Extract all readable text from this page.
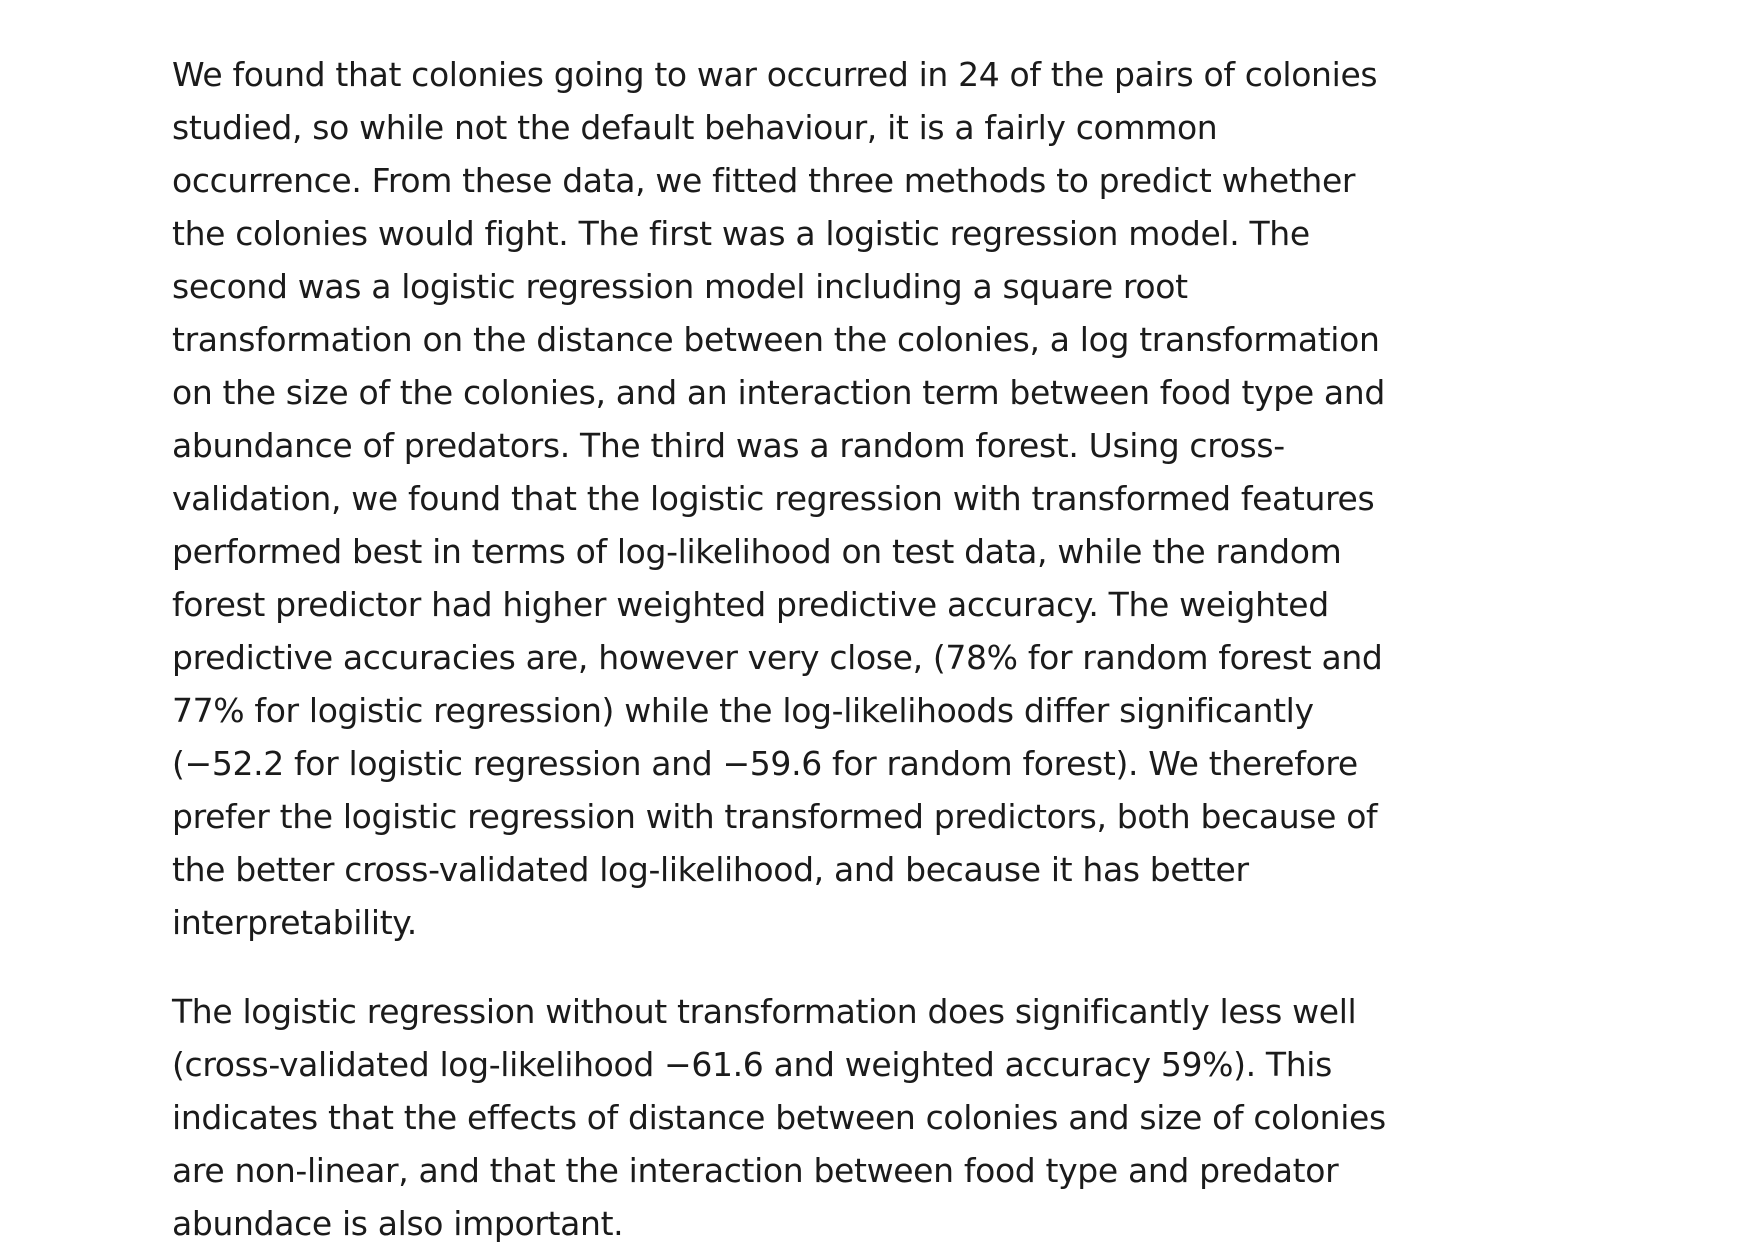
We found that colonies going to war occurred in 24 of the pairs of colonies
studied, so while not the default behaviour, it is a fairly common
occurrence. From these data, we fitted three methods to predict whether
the colonies would fight. The first was a logistic regression model. The
second was a logistic regression model including a square root
transformation on the distance between the colonies, a log transformation
on the size of the colonies, and an interaction term between food type and
abundance of predators. The third was a random forest. Using cross-
validation, we found that the logistic regression with transformed features
performed best in terms of log-likelihood on test data, while the random
forest predictor had higher weighted predictive accuracy. The weighted
predictive accuracies are, however very close, (78% for random forest and
77% for logistic regression) while the log-likelihoods differ significantly
(−52.2 for logistic regression and −59.6 for random forest). We therefore
prefer the logistic regression with transformed predictors, both because of
the better cross-validated log-likelihood, and because it has better
interpretability.

The logistic regression without transformation does significantly less well
(cross-validated log-likelihood −61.6 and weighted accuracy 59%). This
indicates that the effects of distance between colonies and size of colonies
are non-linear, and that the interaction between food type and predator
abundace is also important.
